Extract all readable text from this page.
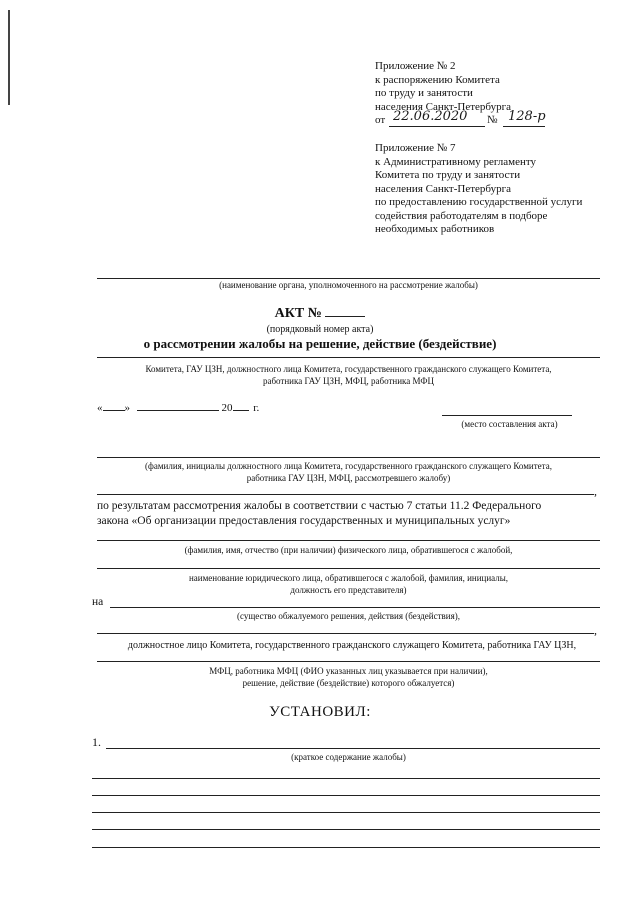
Приложение № 2
к распоряжению Комитета
по труду и занятости
населения Санкт-Петербурга
от 22.06.2020 № 128-р
Приложение № 7
к Административному регламенту
Комитета по труду и занятости
населения Санкт-Петербурга
по предоставлению государственной услуги
содействия работодателям в подборе
необходимых работников
(наименование органа, уполномоченного на рассмотрение жалобы)
АКТ №
(порядковый номер акта)
о рассмотрении жалобы на решение, действие (бездействие)
Комитета, ГАУ ЦЗН, должностного лица Комитета, государственного гражданского служащего Комитета,
работника ГАУ ЦЗН, МФЦ, работника МФЦ
« »	20 г.
(место составления акта)
(фамилия, инициалы должностного лица Комитета, государственного гражданского служащего Комитета,
работника ГАУ ЦЗН, МФЦ, рассмотревшего жалобу)
,
по результатам рассмотрения жалобы в соответствии с частью 7 статьи 11.2 Федерального
закона «Об организации предоставления государственных и муниципальных услуг»
(фамилия, имя, отчество (при наличии) физического лица, обратившегося с жалобой,
наименование юридического лица, обратившегося с жалобой, фамилия, инициалы,
должность его представителя)
на
(существо обжалуемого решения, действия (бездействия),
,
должностное лицо Комитета, государственного гражданского служащего Комитета, работника ГАУ ЦЗН,
МФЦ, работника МФЦ (ФИО указанных лиц указывается при наличии),
решение, действие (бездействие) которого обжалуется)
УСТАНОВИЛ:
1.
(краткое содержание жалобы)
